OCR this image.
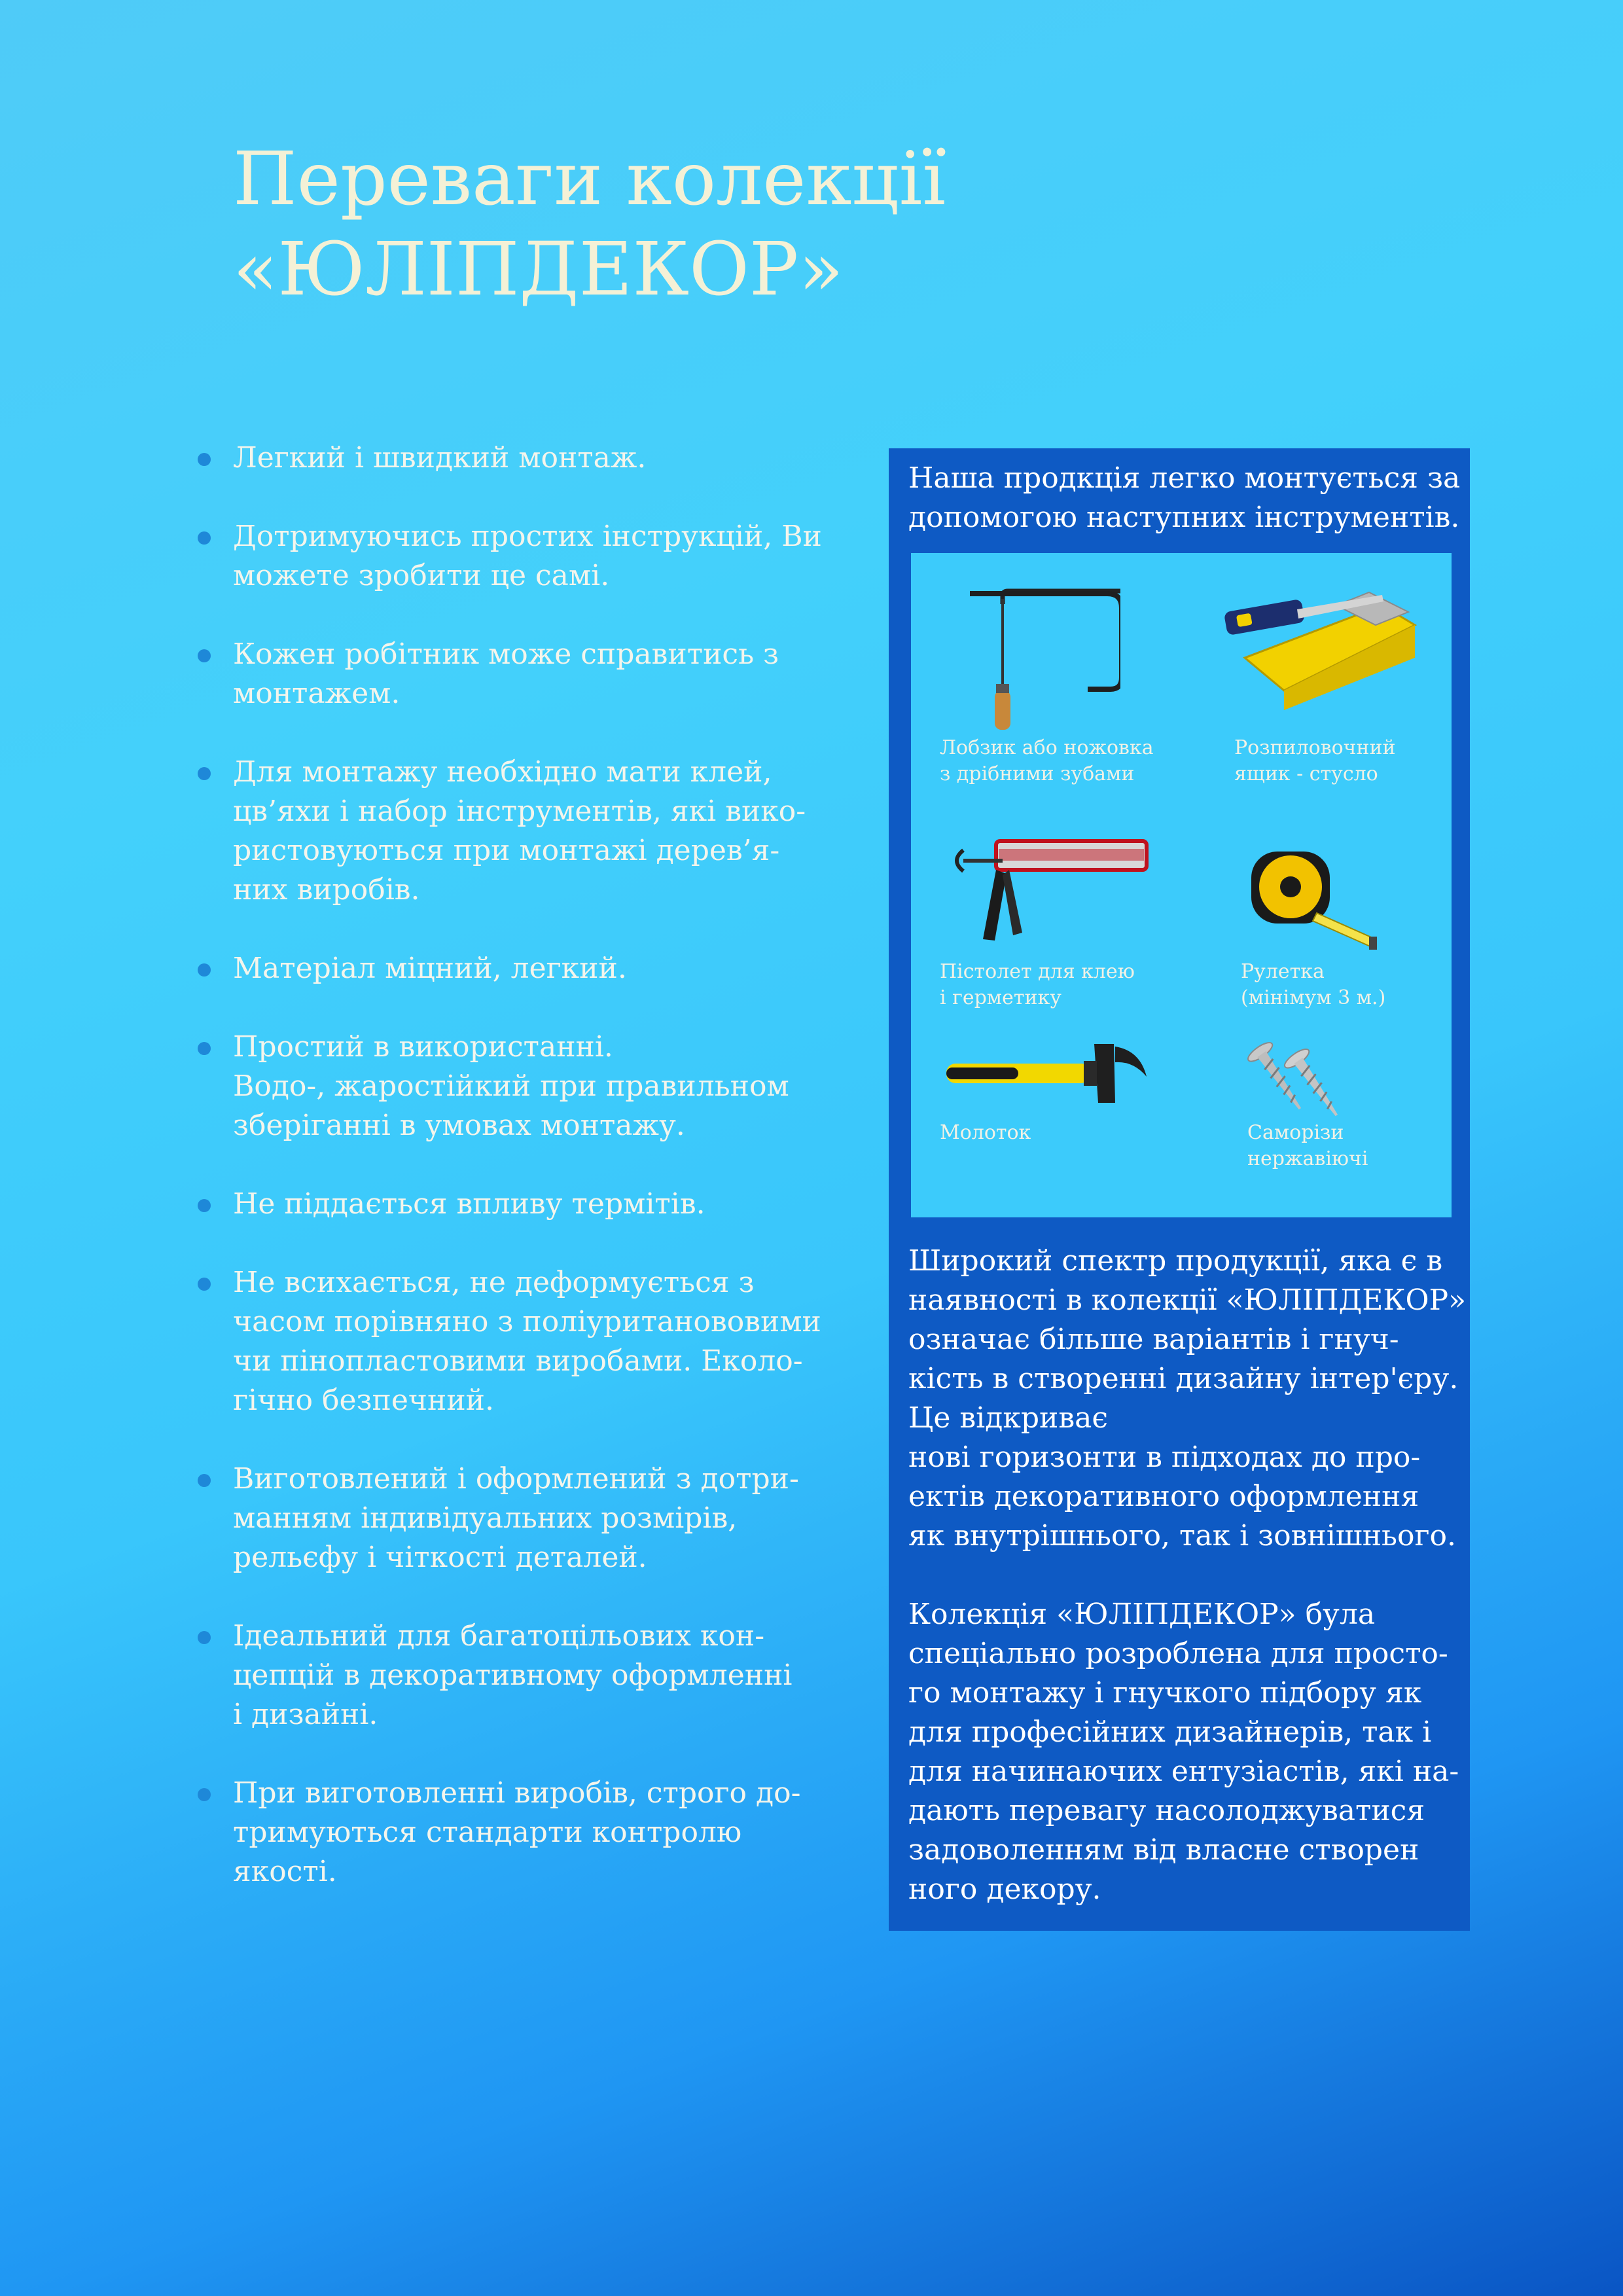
Переваги колекції
«ЮЛІПДЕКОР»
Легкий і швидкий монтаж.
Дотримуючись простих інструкцій, Ви
можете зробити це самі.
Кожен робітник може справитись з
монтажем.
Для монтажу необхідно мати клей,
цв’яхи і набор інструментів, які вико-
ристовуються при монтажі дерев’я-
них виробів.
Матеріал міцний, легкий.
Простий в використанні.
Водо-, жаростійкий при правильном
зберіганні в умовах монтажу.
Не піддається впливу термітів.
Не всихається, не деформується з
часом порівняно з поліуританововими
чи пінопластовими виробами. Еколо-
гічно безпечний.
Виготовлений і оформлений з дотри-
манням індивідуальних розмірів,
рельєфу і чіткості деталей.
Ідеальний для багатоцільових кон-
цепцій в декоративному оформленні
і дизайні.
При виготовленні виробів, строго до-
тримуються стандарти контролю
якості.
Наша продкція легко монтується за
допомогою наступних інструментів.
Лобзик або ножовка
з дрібними зубами
Розпиловочний
ящик - стусло
Пістолет для клею
і герметику
Рулетка
(мінімум 3 м.)
Молоток	Саморізи
нержавіючі
Широкий спектр продукції, яка є в
наявності в колекції «ЮЛІПДЕКОР»
означає більше варіантів і гнуч-
кість в створенні дизайну інтер'єру.
Це відкриває
нові горизонти в підходах до про-
ектів декоративного оформлення
як внутрішнього, так і зовнішнього.
Колекція «ЮЛІПДЕКОР» була
спеціально розроблена для просто-
го монтажу і гнучкого підбору як
для професійних дизайнерів, так і
для начинаючих ентузіастів, які на-
дають перевагу насолоджуватися
задоволенням від власне створен
ного декору.
